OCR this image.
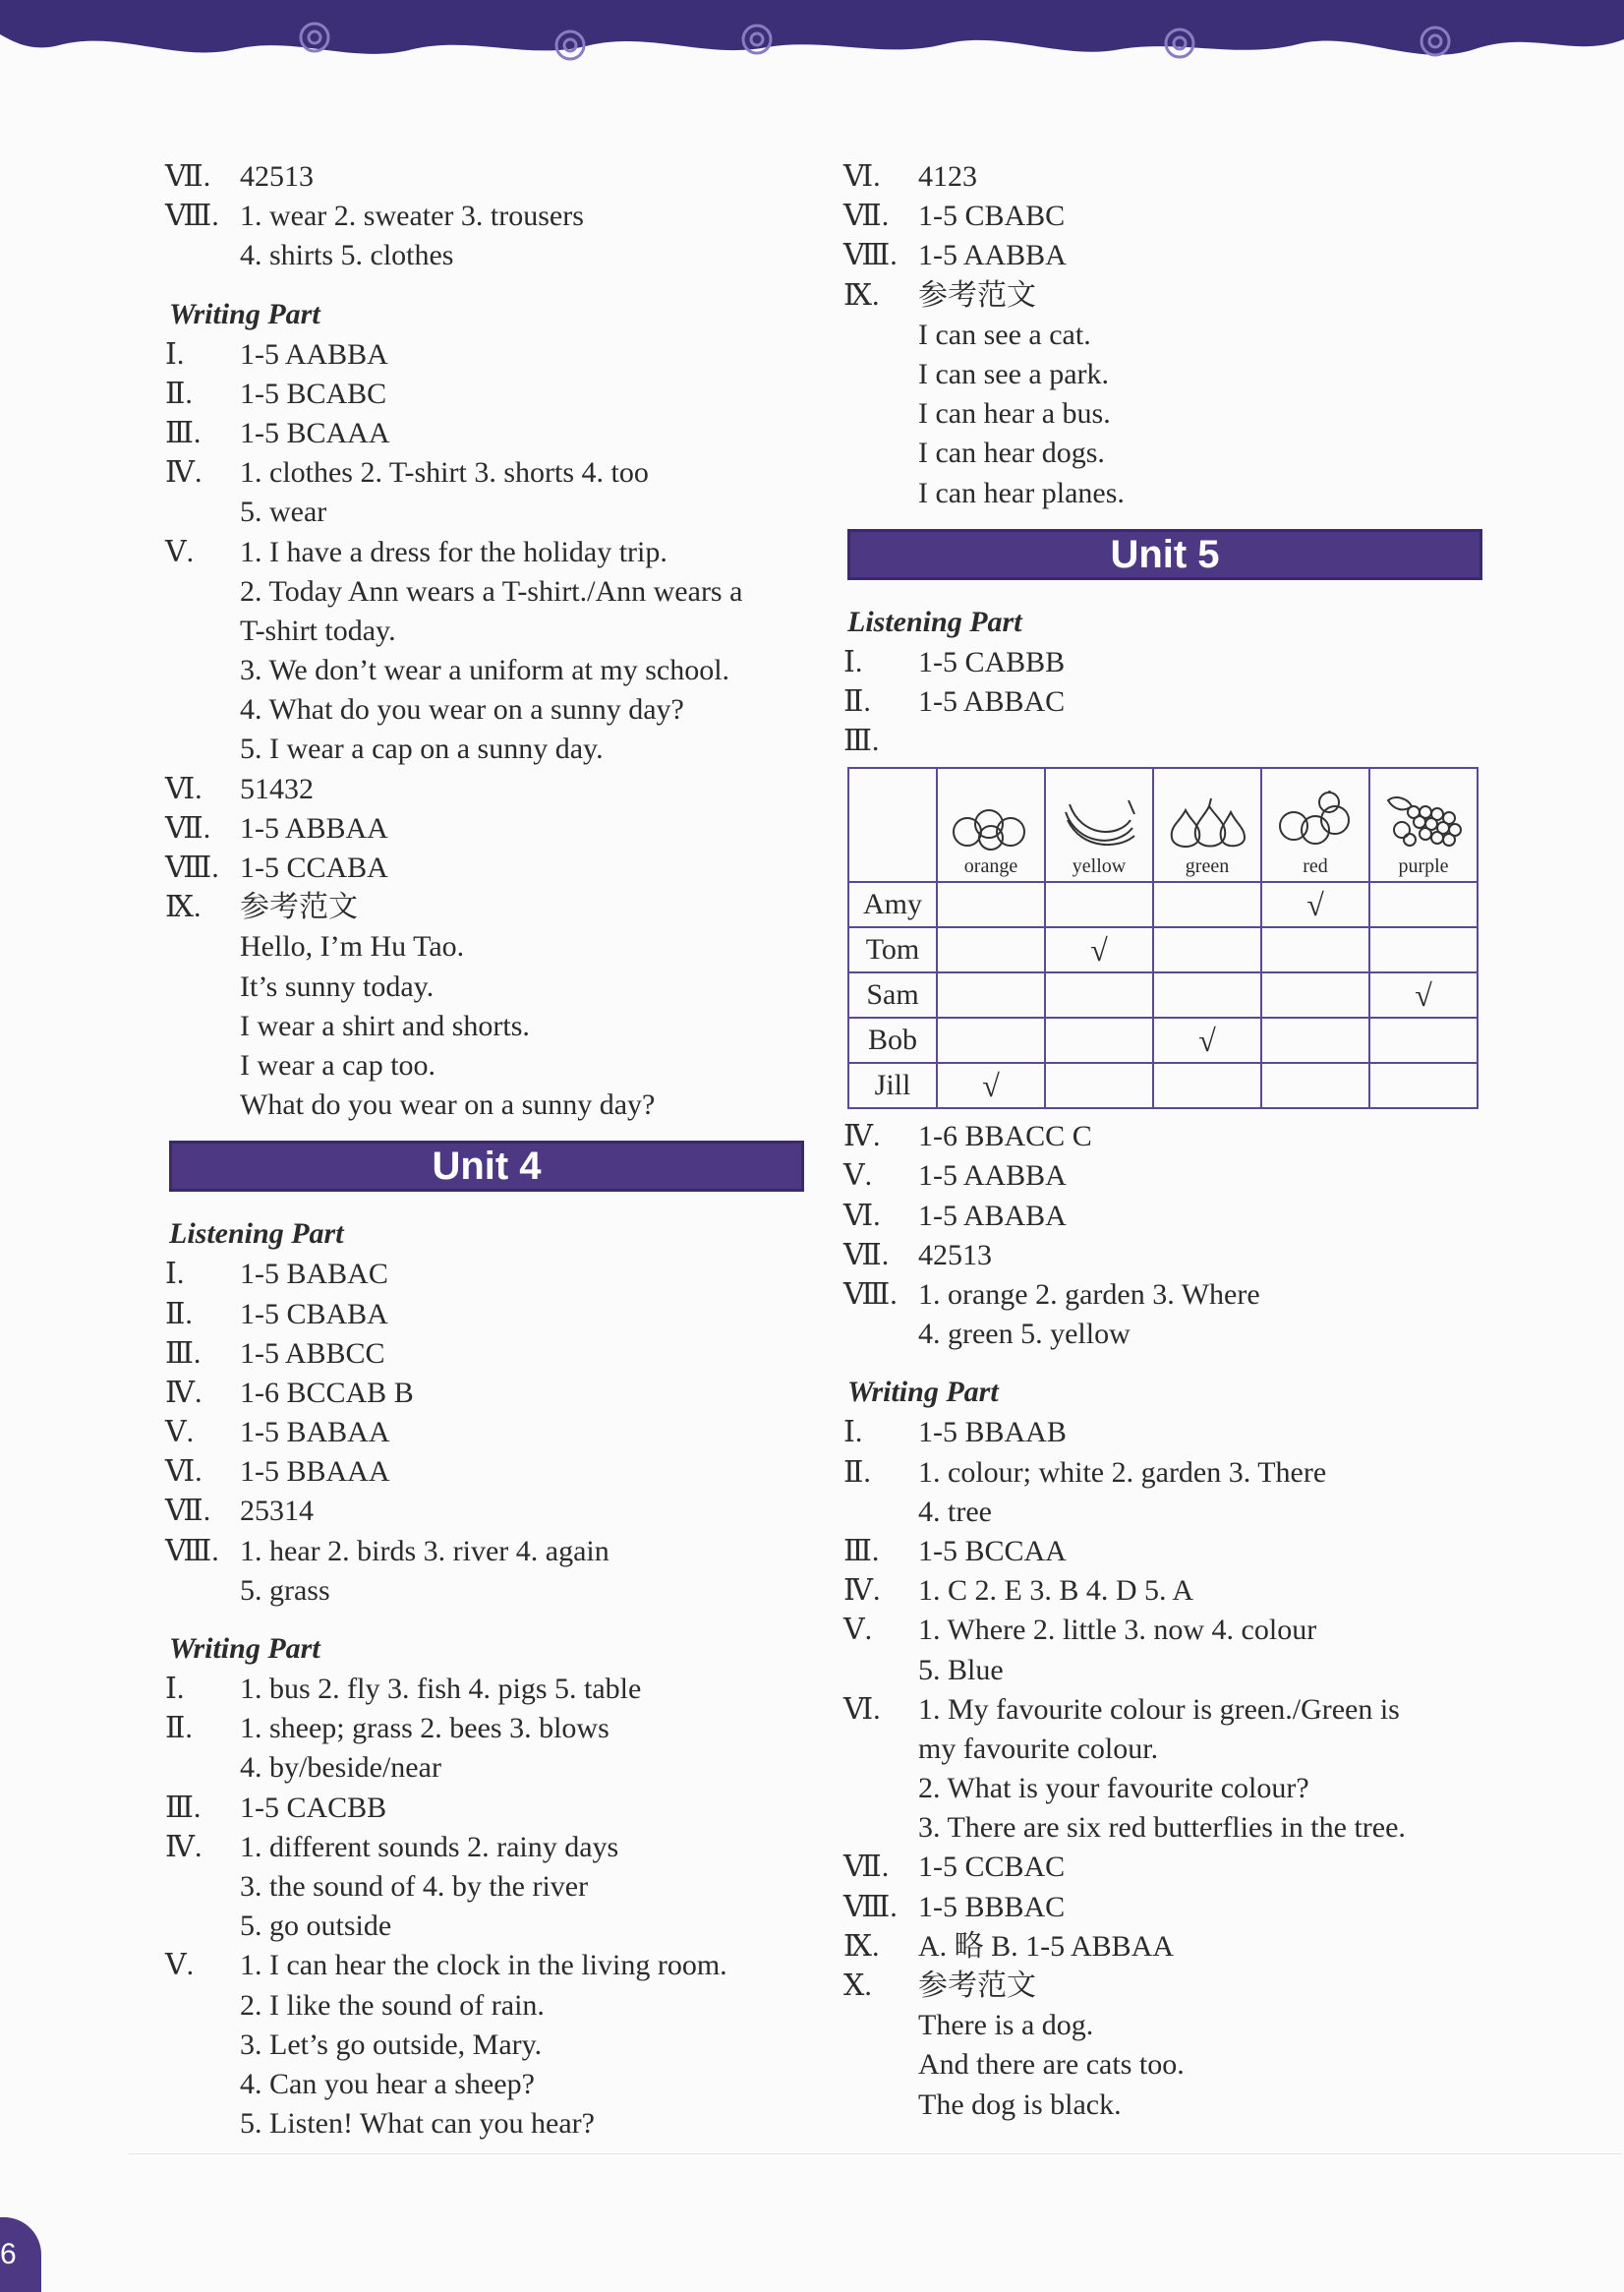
Ⅶ. 42513
Ⅷ. 1. wear 2. sweater 3. trousers
4. shirts 5. clothes
Writing Part
Ⅰ. 1-5 AABBA
Ⅱ. 1-5 BCABC
Ⅲ. 1-5 BCAAA
Ⅳ. 1. clothes 2. T-shirt 3. shorts 4. too
5. wear
Ⅴ. 1. I have a dress for the holiday trip.
2. Today Ann wears a T-shirt./Ann wears a
T-shirt today.
3. We don’t wear a uniform at my school.
4. What do you wear on a sunny day?
5. I wear a cap on a sunny day.
Ⅵ. 51432
Ⅶ. 1-5 ABBAA
Ⅷ. 1-5 CCABA
Ⅸ. 参考范文
Hello, I’m Hu Tao.
It’s sunny today.
I wear a shirt and shorts.
I wear a cap too.
What do you wear on a sunny day?
Unit 4
Listening Part
Ⅰ. 1-5 BABAC
Ⅱ. 1-5 CBABA
Ⅲ. 1-5 ABBCC
Ⅳ. 1-6 BCCAB B
Ⅴ. 1-5 BABAA
Ⅵ. 1-5 BBAAA
Ⅶ. 25314
Ⅷ. 1. hear 2. birds 3. river 4. again
5. grass
Writing Part
Ⅰ. 1. bus 2. fly 3. fish 4. pigs 5. table
Ⅱ. 1. sheep; grass 2. bees 3. blows
4. by/beside/near
Ⅲ. 1-5 CACBB
Ⅳ. 1. different sounds 2. rainy days
3. the sound of 4. by the river
5. go outside
Ⅴ. 1. I can hear the clock in the living room.
2. I like the sound of rain.
3. Let’s go outside, Mary.
4. Can you hear a sheep?
5. Listen! What can you hear?
Ⅵ. 4123
Ⅶ. 1-5 CBABC
Ⅷ. 1-5 AABBA
Ⅸ. 参考范文
I can see a cat.
I can see a park.
I can hear a bus.
I can hear dogs.
I can hear planes.
Unit 5
Listening Part
Ⅰ. 1-5 CABBB
Ⅱ. 1-5 ABBAC
Ⅲ.

	orange	yellow	green	red	purple

Amy				√	
Tom		√			
Sam					√
Bob			√		
Jill	√				
Ⅳ. 1-6 BBACC C
Ⅴ. 1-5 AABBA
Ⅵ. 1-5 ABABA
Ⅶ. 42513
Ⅷ. 1. orange 2. garden 3. Where
4. green 5. yellow
Writing Part
Ⅰ. 1-5 BBAAB
Ⅱ. 1. colour; white 2. garden 3. There
4. tree
Ⅲ. 1-5 BCCAA
Ⅳ. 1. C 2. E 3. B 4. D 5. A
Ⅴ. 1. Where 2. little 3. now 4. colour
5. Blue
Ⅵ. 1. My favourite colour is green./Green is
my favourite colour.
2. What is your favourite colour?
3. There are six red butterflies in the tree.
Ⅶ. 1-5 CCBAC
Ⅷ. 1-5 BBBAC
Ⅸ. A. 略 B. 1-5 ABBAA
Ⅹ. 参考范文
There is a dog.
And there are cats too.
The dog is black.
6
